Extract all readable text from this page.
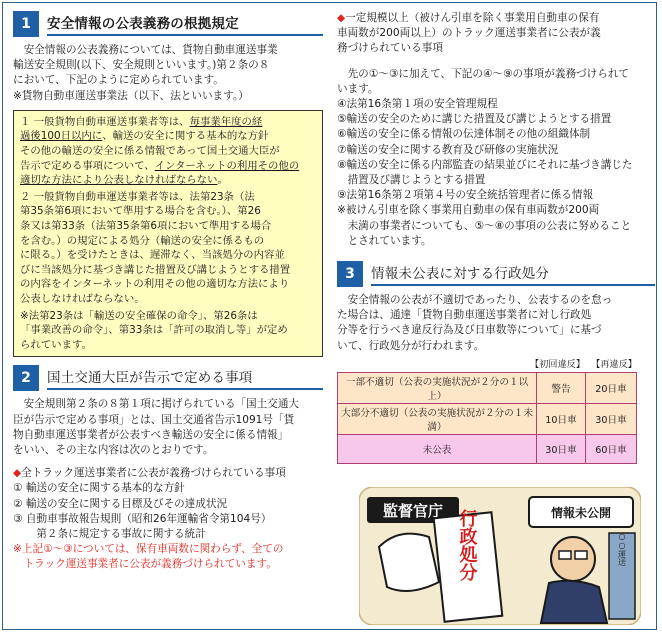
1	安全情報の公表義務の根拠規定

安全情報の公表義務については、貨物自動車運送事業

輸送安全規則(以下、安全規則といいます。)第２条の８

において、下記のように定められています。

※貨物自動車運送事業法（以下、法といいます。）

１ 一般貨物自動車運送事業者等は、毎事業年度の経
過後100日以内に、輸送の安全に関する基本的な方針
その他の輸送の安全に係る情報であって国土交通大臣が
告示で定める事項について、インターネットの利用その他の
適切な方法により公表しなければならない。

２ 一般貨物自動車運送事業者等は、法第23条（法
第35条第6項において準用する場合を含む。）、第26
条又は第33条（法第35条第6項において準用する場合
を含む。）の規定による処分（輸送の安全に係るもの
に限る。）を受けたときは、遅滞なく、当該処分の内容並
びに当該処分に基づき講じた措置及び講じようとする措置
の内容をインターネットの利用その他の適切な方法により
公表しなければならない。

※法第23条は「輸送の安全確保の命令」、第26条は
「事業改善の命令」、第33条は「許可の取消し等」が定め
られています。

2	国土交通大臣が告示で定める事項

安全規則第２条の８第１項に掲げられている「国土交通大

臣が告示で定める事項」とは、国土交通省告示1091号「貨

物自動車運送事業者が公表すべき輸送の安全に係る情報」

をいい、その主な内容は次のとおりです。

◆全トラック運送事業者に公表が義務づけられている事項

① 輸送の安全に関する基本的な方針

② 輸送の安全に関する目標及びその達成状況

③ 自動車事故報告規則（昭和26年運輸省令第104号）

第２条に規定する事故に関する統計

※上記①～③については、保有車両数に関わらず、全ての

トラック運送事業者に公表が義務づけられています。

◆一定規模以上（被けん引車を除く事業用自動車の保有

車両数が200両以上）のトラック運送事業者に公表が義

務づけられている事項

先の①～③に加えて、下記の④～⑨の事項が義務づけられて

います。

④法第16条第１項の安全管理規程

⑤輸送の安全のために講じた措置及び講じようとする措置

⑥輸送の安全に係る情報の伝達体制その他の組織体制

⑦輸送の安全に関する教育及び研修の実施状況

⑧輸送の安全に係る内部監査の結果並びにそれに基づき講じた

措置及び講じようとする措置

⑨法第16条第２項第４号の安全統括管理者に係る情報

※被けん引車を除く事業用自動車の保有車両数が200両

未満の事業者についても、⑤～⑧の事項の公表に努めること

とされています。

3	情報未公表に対する行政処分

安全情報の公表が不適切であったり、公表するのを怠っ

た場合は、通達「貨物自動車運送事業者に対し行政処

分等を行うべき違反行為及び日車数等について」に基づ

いて、行政処分が行われます。

【初回違反】 【再違反】
一部不適切（公表の実施状況が２分の１以上）	警告	20日車
大部分不適切（公表の実施状況が２分の１未満）	10日車	30日車
未公表	30日車	60日車
監督官庁 行政処分	情報未公開
○○運送
